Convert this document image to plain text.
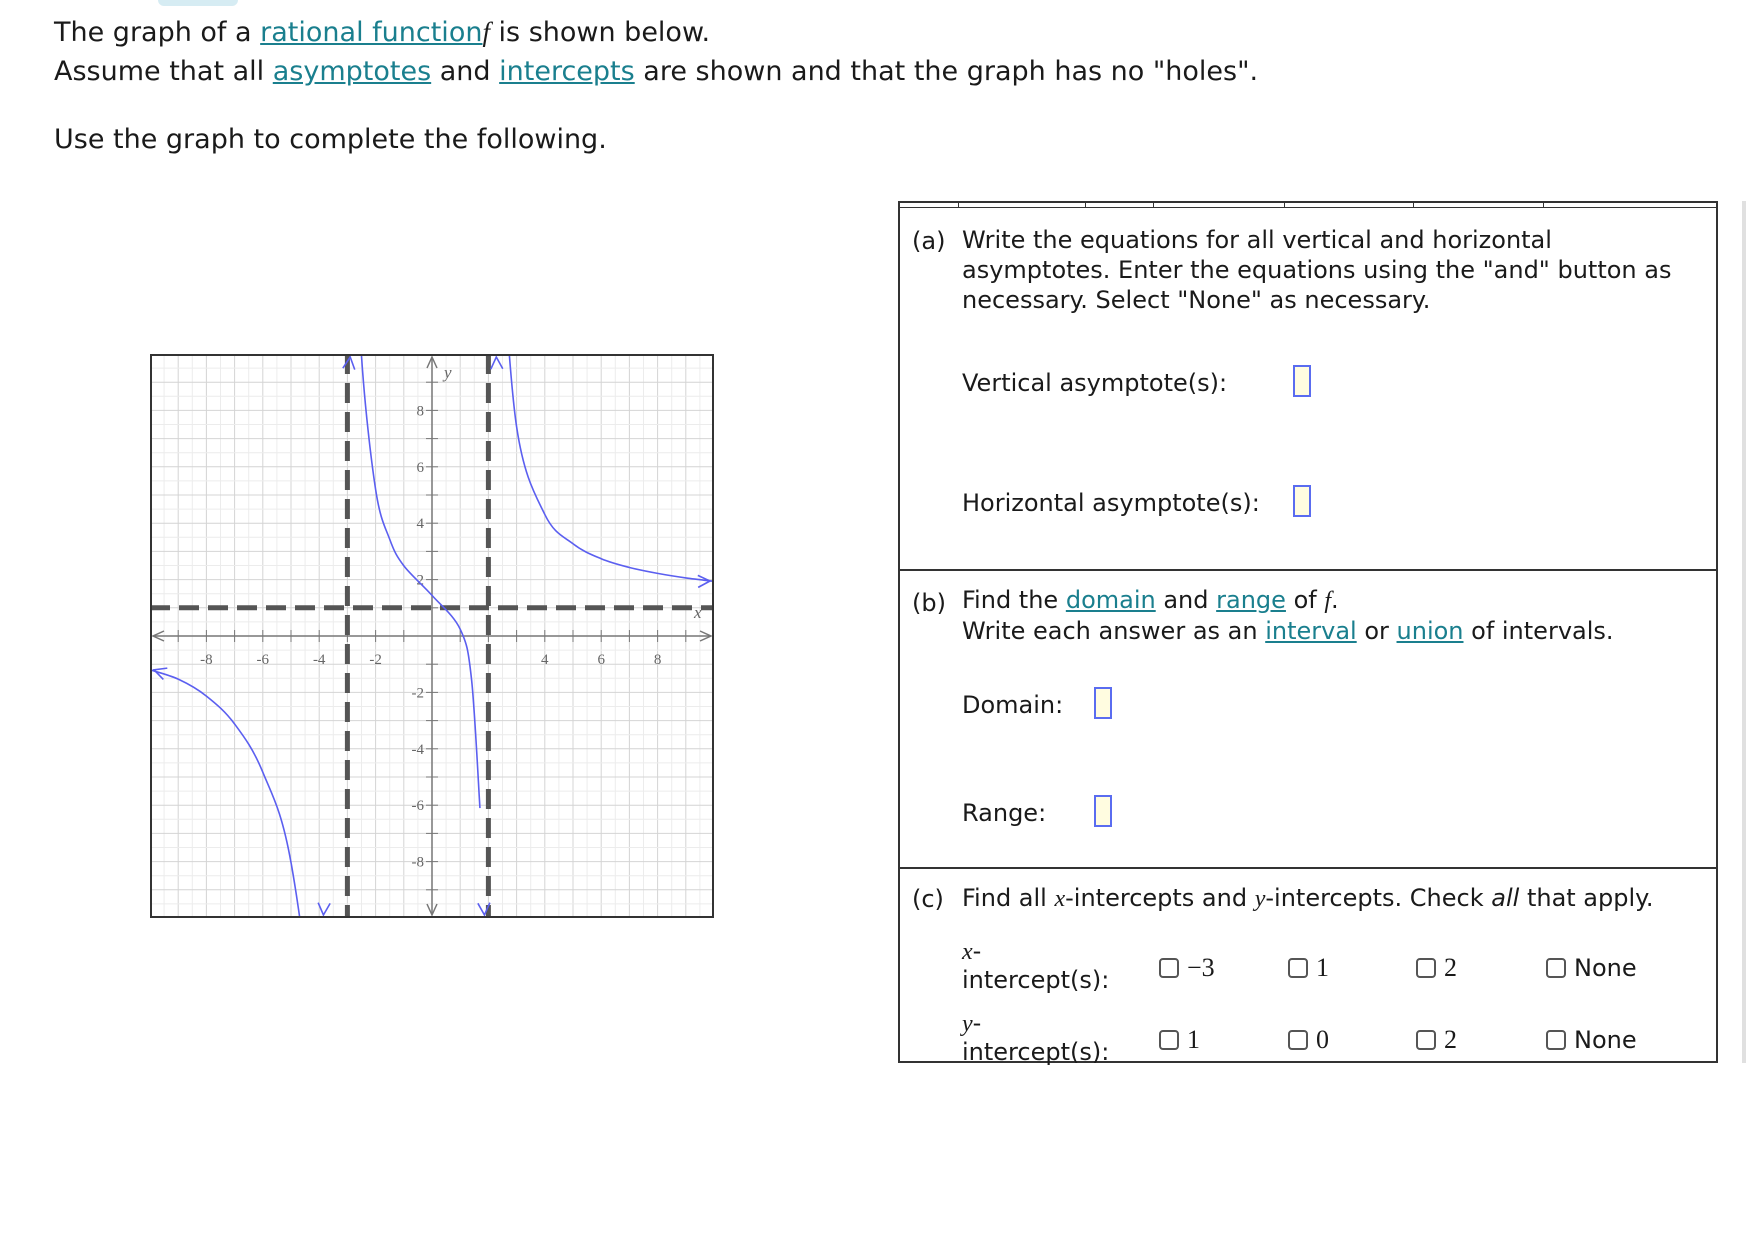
The graph of a rational functionf is shown below.
Assume that all asymptotes and intercepts are shown and that the graph has no "holes".
Use the graph to complete the following.
-8	-6	-4	-2	4	6	8
-8
-6
-4
-2
2
4
6
8
x
y
(a) Write the equations for all vertical and horizontal
asymptotes. Enter the equations using the "and" button as
necessary. Select "None" as necessary.
Vertical asymptote(s):
Horizontal asymptote(s):
(b) Find the domain and range of f.
Write each answer as an interval or union of intervals.
Domain:
Range:
(c) Find all x-intercepts and y-intercepts. Check all that apply.
x-
intercept(s):	−3	1	2	None
y-
intercept(s):	1	0	2	None
